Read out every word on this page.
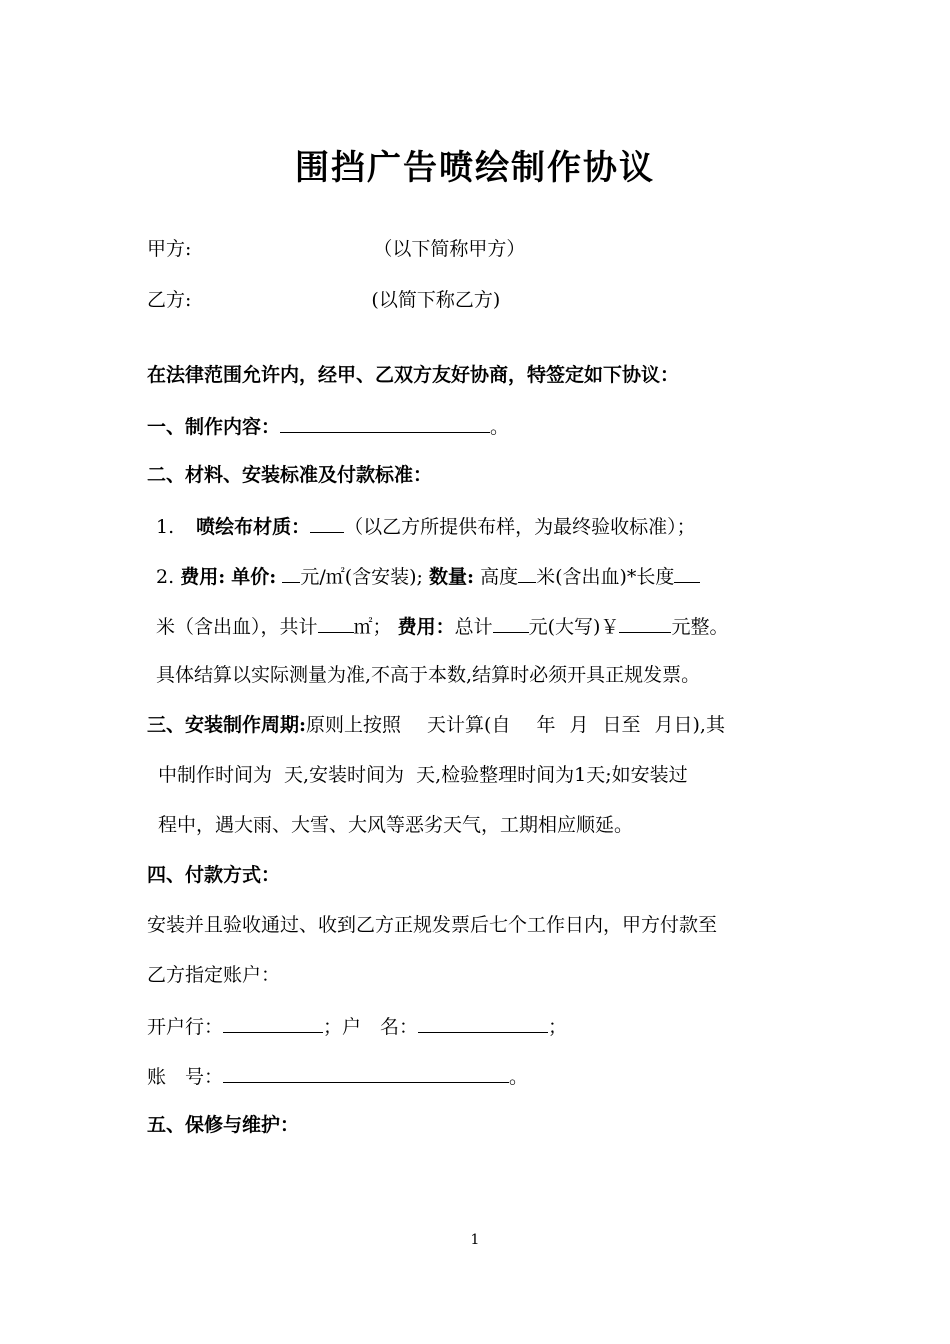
围挡广告喷绘制作协议
甲方:	（以下简称甲方）
乙方:	(以简下称乙方)
在法律范围允许内，经甲、乙双方友好协商，特签定如下协议：
一、制作内容：	。
二、材料、安装标准及付款标准：
1. 喷绘布材质： （以乙方所提供布样，为最终验收标准）；
2. 费用: 单价: 元/㎡(含安装); 数量: 高度 米(含出血)*长度
米（含出血），共计 ㎡； 费用：总计 元(大写)￥	元整。
具体结算以实际测量为准,不高于本数,结算时必须开具正规发票。
三、安装制作周期:原则上按照 天计算(自 年 月 日至 月日),其
中制作时间为 天,安装时间为 天,检验整理时间为1天;如安装过
程中，遇大雨、大雪、大风等恶劣天气，工期相应顺延。
四、付款方式：
安装并且验收通过、收到乙方正规发票后七个工作日内，甲方付款至
乙方指定账户：
开户行：	；户　名：	；
账　号：	。
五、保修与维护：
1
